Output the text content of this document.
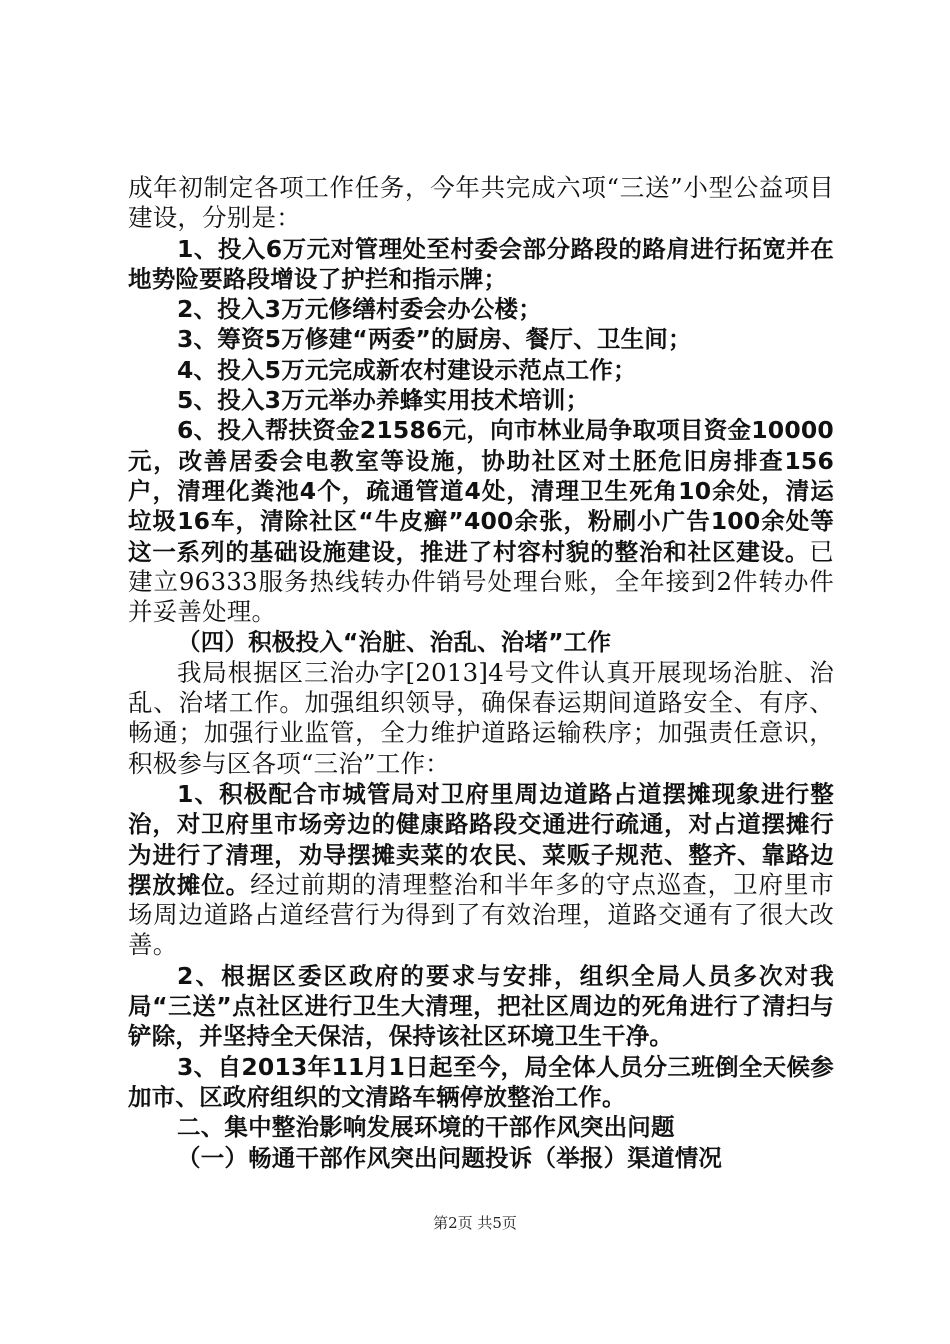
成年初制定各项工作任务，今年共完成六项“三送”小型公益项目建设，分别是：

1、投入6万元对管理处至村委会部分路段的路肩进行拓宽并在地势险要路段增设了护拦和指示牌；

2、投入3万元修缮村委会办公楼；

3、筹资5万修建“两委”的厨房、餐厅、卫生间；

4、投入5万元完成新农村建设示范点工作；

5、投入3万元举办养蜂实用技术培训；

6、投入帮扶资金21586元，向市林业局争取项目资金10000元，改善居委会电教室等设施，协助社区对土胚危旧房排查156户，清理化粪池4个，疏通管道4处，清理卫生死角10余处，清运垃圾16车，清除社区“牛皮癣”400余张，粉刷小广告100余处等这一系列的基础设施建设，推进了村容村貌的整治和社区建设。已建立96333服务热线转办件销号处理台账，全年接到2件转办件并妥善处理。

（四）积极投入“治脏、治乱、治堵”工作

我局根据区三治办字[2013]4号文件认真开展现场治脏、治乱、治堵工作。加强组织领导，确保春运期间道路安全、有序、畅通；加强行业监管，全力维护道路运输秩序；加强责任意识，积极参与区各项“三治”工作：

1、积极配合市城管局对卫府里周边道路占道摆摊现象进行整治，对卫府里市场旁边的健康路路段交通进行疏通，对占道摆摊行为进行了清理，劝导摆摊卖菜的农民、菜贩子规范、整齐、靠路边摆放摊位。经过前期的清理整治和半年多的守点巡查，卫府里市场周边道路占道经营行为得到了有效治理，道路交通有了很大改善。

2、根据区委区政府的要求与安排，组织全局人员多次对我局“三送”点社区进行卫生大清理，把社区周边的死角进行了清扫与铲除，并坚持全天保洁，保持该社区环境卫生干净。

3、自2013年11月1日起至今，局全体人员分三班倒全天候参加市、区政府组织的文清路车辆停放整治工作。

二、集中整治影响发展环境的干部作风突出问题

（一）畅通干部作风突出问题投诉（举报）渠道情况

第2页 共5页
